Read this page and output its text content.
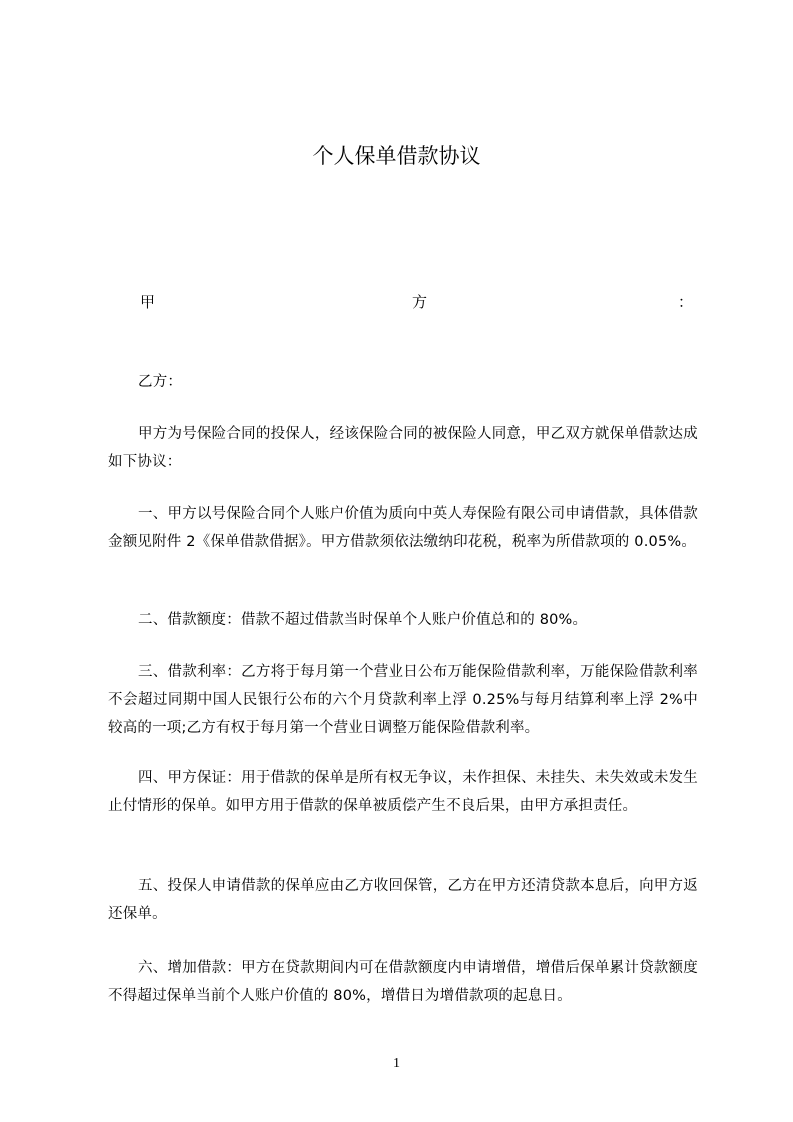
个人保单借款协议
甲	方	：

乙方：

甲方为号保险合同的投保人，经该保险合同的被保险人同意，甲乙双方就保单借款达成如下协议：

一、甲方以号保险合同个人账户价值为质向中英人寿保险有限公司申请借款，具体借款金额见附件 2《保单借款借据》。甲方借款须依法缴纳印花税，税率为所借款项的 0.05%。

二、借款额度：借款不超过借款当时保单个人账户价值总和的 80%。

三、借款利率：乙方将于每月第一个营业日公布万能保险借款利率，万能保险借款利率不会超过同期中国人民银行公布的六个月贷款利率上浮 0.25%与每月结算利率上浮 2%中较高的一项;乙方有权于每月第一个营业日调整万能保险借款利率。

四、甲方保证：用于借款的保单是所有权无争议，未作担保、未挂失、未失效或未发生止付情形的保单。如甲方用于借款的保单被质偿产生不良后果，由甲方承担责任。

五、投保人申请借款的保单应由乙方收回保管，乙方在甲方还清贷款本息后，向甲方返还保单。

六、增加借款：甲方在贷款期间内可在借款额度内申请增借，增借后保单累计贷款额度不得超过保单当前个人账户价值的 80%，增借日为增借款项的起息日。

1
